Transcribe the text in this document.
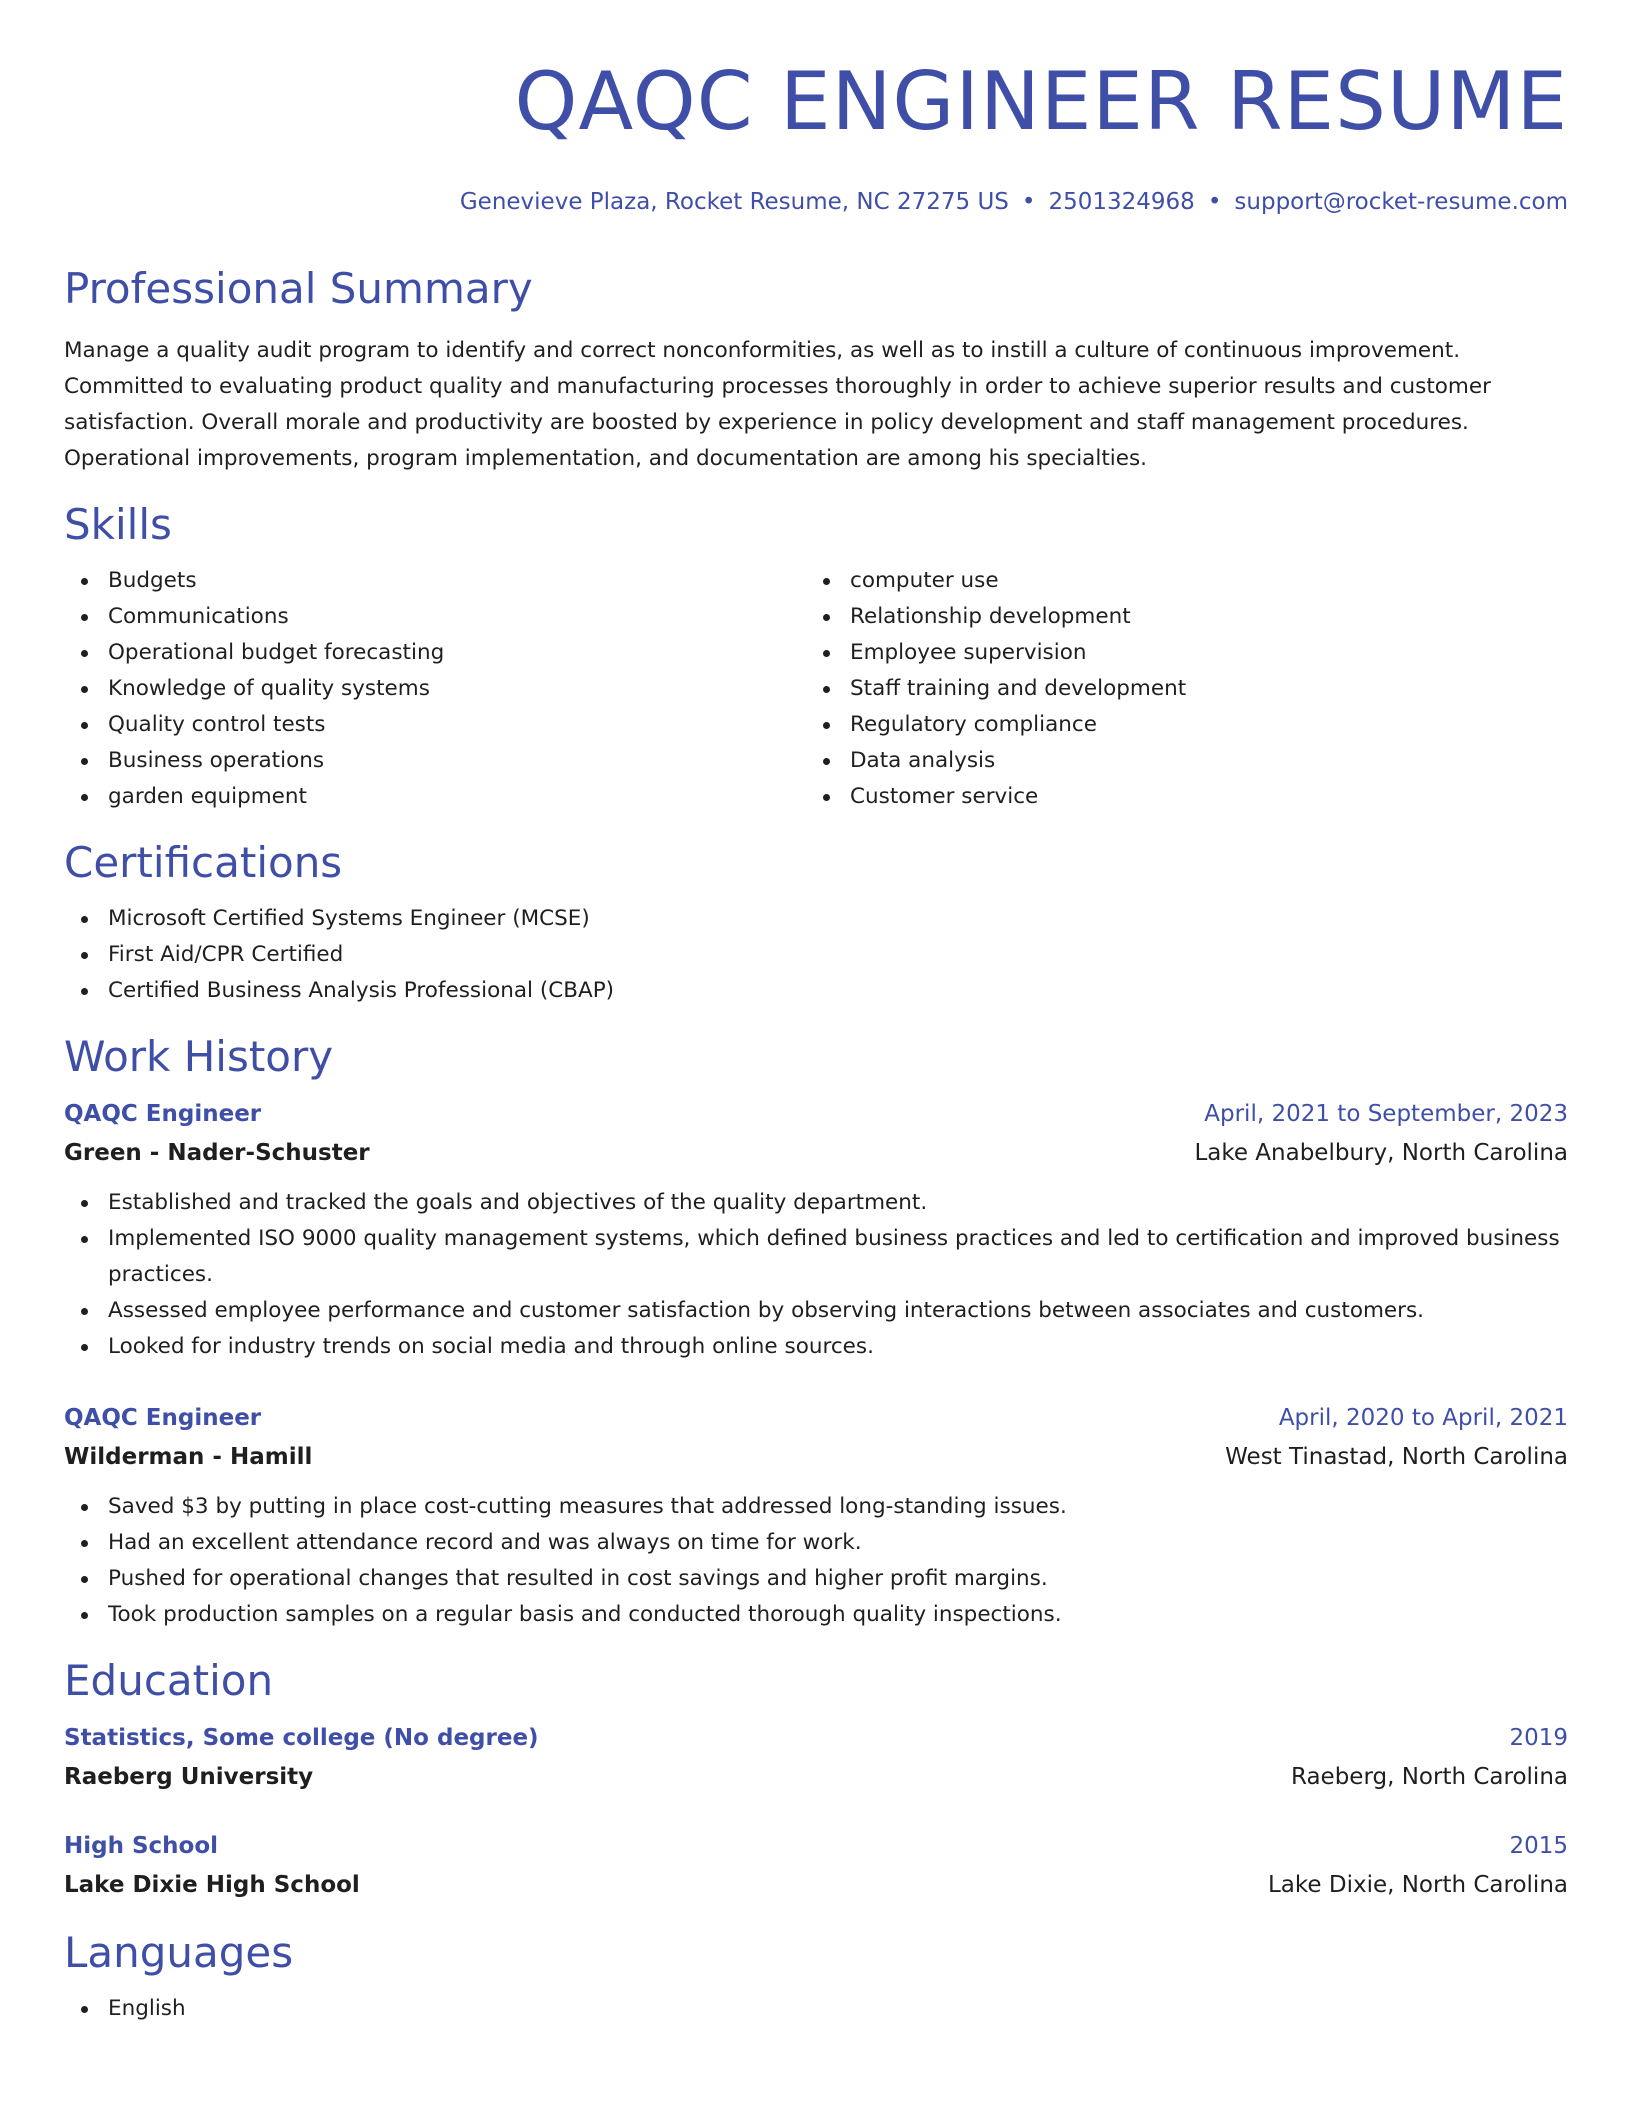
QAQC ENGINEER RESUME
Genevieve Plaza, Rocket Resume, NC 27275 US • 2501324968 • support@rocket-resume.com
Professional Summary
Manage a quality audit program to identify and correct nonconformities, as well as to instill a culture of continuous improvement. Committed to evaluating product quality and manufacturing processes thoroughly in order to achieve superior results and customer satisfaction. Overall morale and productivity are boosted by experience in policy development and staff management procedures. Operational improvements, program implementation, and documentation are among his specialties.
Skills
Budgets
Communications
Operational budget forecasting
Knowledge of quality systems
Quality control tests
Business operations
garden equipment
computer use
Relationship development
Employee supervision
Staff training and development
Regulatory compliance
Data analysis
Customer service
Certifications
Microsoft Certified Systems Engineer (MCSE)
First Aid/CPR Certified
Certified Business Analysis Professional (CBAP)
Work History
QAQC Engineer	April, 2021 to September, 2023
Green - Nader-Schuster	Lake Anabelbury, North Carolina
Established and tracked the goals and objectives of the quality department.
Implemented ISO 9000 quality management systems, which defined business practices and led to certification and improved business practices.
Assessed employee performance and customer satisfaction by observing interactions between associates and customers.
Looked for industry trends on social media and through online sources.
QAQC Engineer	April, 2020 to April, 2021
Wilderman - Hamill	West Tinastad, North Carolina
Saved $3 by putting in place cost-cutting measures that addressed long-standing issues.
Had an excellent attendance record and was always on time for work.
Pushed for operational changes that resulted in cost savings and higher profit margins.
Took production samples on a regular basis and conducted thorough quality inspections.
Education
Statistics, Some college (No degree)	2019
Raeberg University	Raeberg, North Carolina
High School	2015
Lake Dixie High School	Lake Dixie, North Carolina
Languages
English
